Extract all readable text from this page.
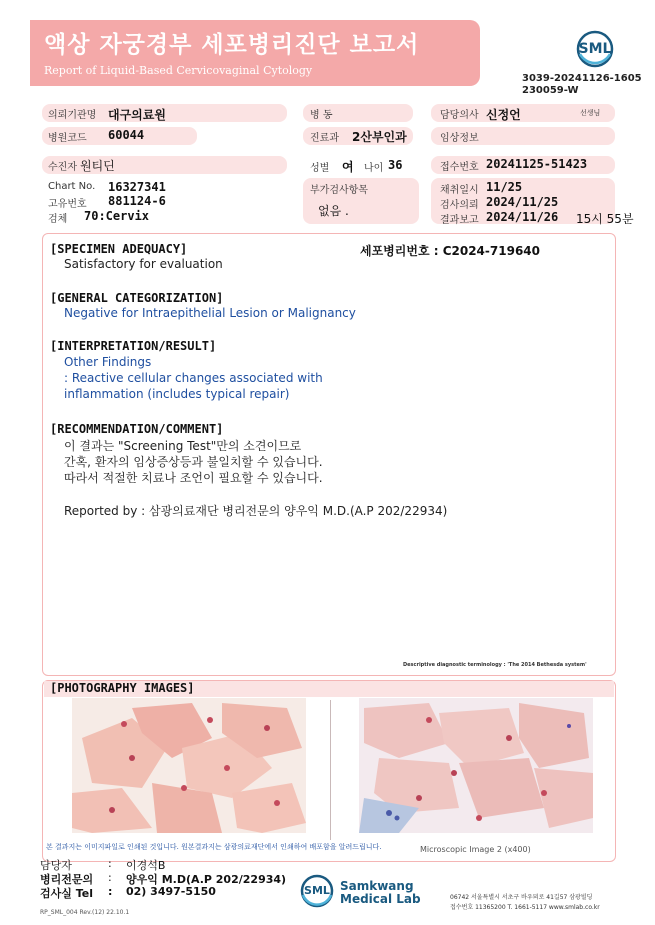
액상 자궁경부 세포병리진단 보고서
Report of Liquid-Based Cervicovaginal Cytology
SML
3039-20241126-1605
230059-W
의뢰기관명 대구의료원	병 동	담당의사 신정언	선생님
병원코드 60044	진료과 2산부인과	임상정보
수진자 원티딘	성별 여 나이 36	접수번호 20241125-51423
Chart No. 16327341
고유번호 881124-6
검체 70:Cervix
부가검사항목
없음 .
채취일시 11/25
검사의뢰 2024/11/25
결과보고 2024/11/26 15시 55분
[SPECIMEN ADEQUACY]
Satisfactory for evaluation
세포병리번호 : C2024-719640
[GENERAL CATEGORIZATION]
Negative for Intraepithelial Lesion or Malignancy
[INTERPRETATION/RESULT]
Other Findings
: Reactive cellular changes associated with
inflammation (includes typical repair)
[RECOMMENDATION/COMMENT]
이 결과는 "Screening Test"만의 소견이므로
간혹, 환자의 임상증상등과 불일치할 수 있습니다.
따라서 적절한 치료나 조언이 필요할 수 있습니다.
Reported by : 삼광의료재단 병리전문의 양우익 M.D.(A.P 202/22934)
Descriptive diagnostic terminology : 'The 2014 Bethesda system'
[PHOTOGRAPHY IMAGES]
본 결과지는 이미지파일로 인쇄된 것입니다. 원본결과지는 삼광의료재단에서 인쇄하여 배포함을 알려드립니다.	Microscopic Image 2 (x400)
담당자	: 이경석B
병리전문의 : 양우익 M.D(A.P 202/22934)
검사실 Tel : 02) 3497-5150	SML Samkwang
Medical Lab	06742 서울특별시 서초구 바우뫼로 41길57 삼광빌딩
접수번호 11365200 T. 1661-5117 www.smlab.co.kr
RP_SML_004 Rev.(12) 22.10.1
